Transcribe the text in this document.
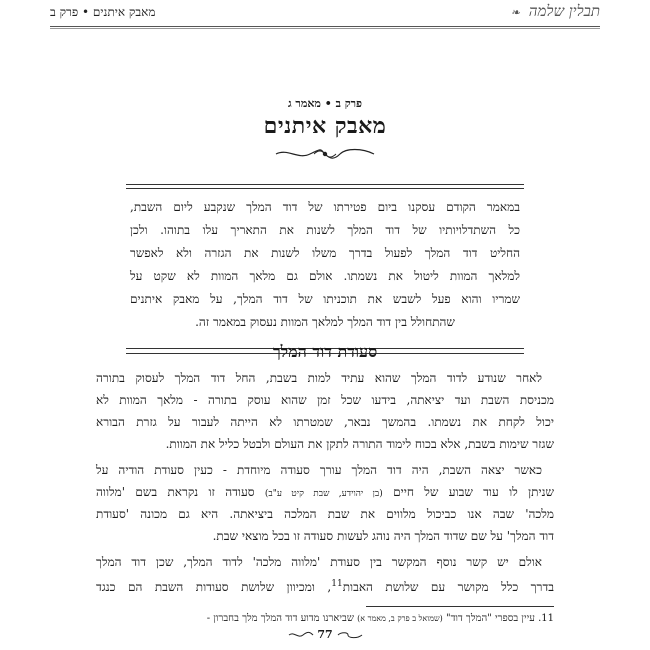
תבלין שלמה ❧
מאבק איתנים • פרק ב
פרק ב • מאמר ג
מאבק איתנים
במאמר הקודם עסקנו ביום פטירתו של דוד המלך שנקבע ליום השבת,
כל השתדלויותיו של דוד המלך לשנות את התאריך עלו בתוהו. ולכן
החליט דוד המלך לפעול בדרך משלו לשנות את הגזרה ולא לאפשר
למלאך המוות ליטול את נשמתו. אולם גם מלאך המוות לא שקט על
שמריו והוא פעל לשבש את תוכניתו של דוד המלך, על מאבק איתנים
שהתחולל בין דוד המלך למלאך המוות נעסוק במאמר זה.
סעודת דוד המלך
לאחר שנודע לדוד המלך שהוא עתיד למות בשבת, החל דוד המלך לעסוק בתורה
מכניסת השבת ועד יציאתה, בידעו שכל זמן שהוא עוסק בתורה - מלאך המוות לא
יכול לקחת את נשמתו. בהמשך נבאר, שמטרתו לא הייתה לעבור על גזרת הבורא
שגזר שימות בשבת, אלא בכוח לימוד התורה לתקן את העולם ולבטל כליל את המוות.
כאשר יצאה השבת, היה דוד המלך עורך סעודה מיוחדת - כעין סעודת הודיה על
שניתן לו עוד שבוע של חיים (בן יהוידע, שבת קיט ע"ב) סעודה זו נקראת בשם 'מלווה
מלכה' שבה אנו כביכול מלווים את שבת המלכה ביציאתה. היא גם מכונה 'סעודת
דוד המלך' על שם שדוד המלך היה נוהג לעשות סעודה זו בכל מוצאי שבת.
אולם יש קשר נוסף המקשר בין סעודת 'מלווה מלכה' לדוד המלך, שכן דוד המלך
בדרך כלל מקושר עם שלושת האבות$^{11}$, ומכיוון שלושת סעודות השבת הם כנגד
11. עיין בספרי "המלך דוד" (שמואל ב פרק ב, מאמר א) שביארנו מדוע דוד המלך מלך בחברון -
77
